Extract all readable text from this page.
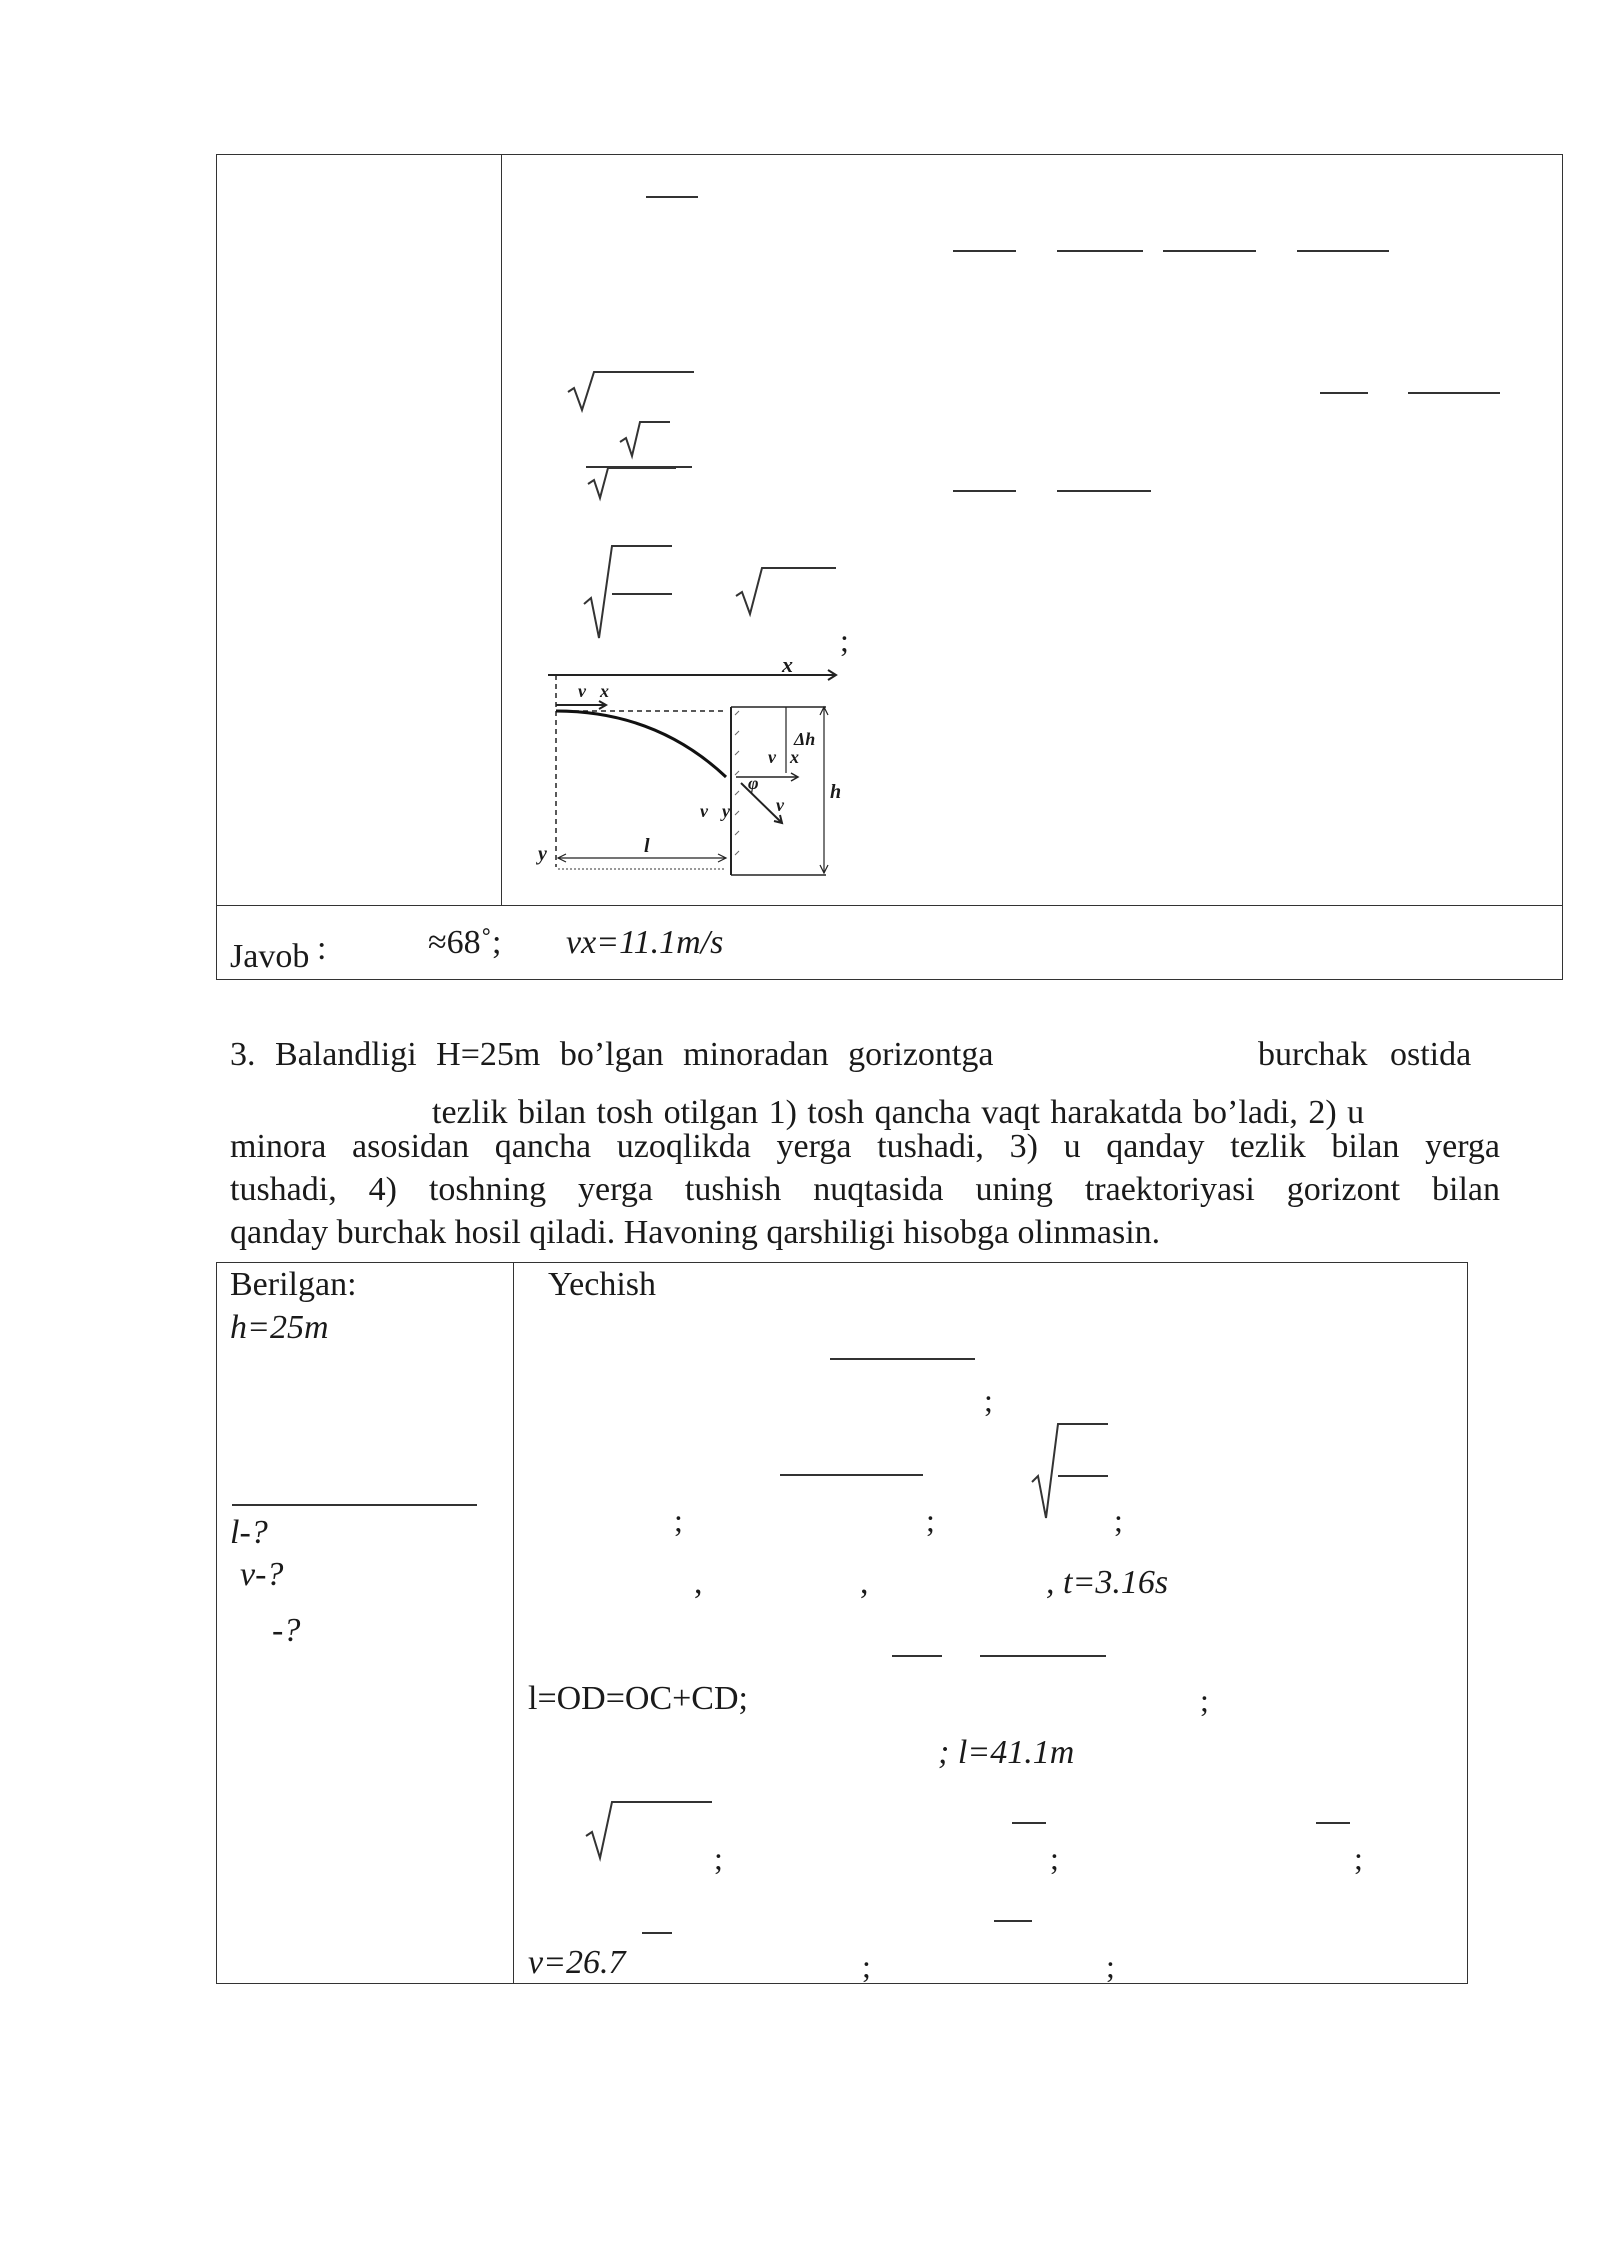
;
x
y
v⃗x
v⃗x
v⃗y	v⃗
φ
Δh
h
l
Javob :	≈68˚; vx=11.1m/s
3. Balandligi H=25m bo’lgan minoradan gorizontga	burchak ostida
tezlik bilan tosh otilgan 1) tosh qancha vaqt harakatda bo’ladi, 2) u
minora asosidan qancha uzoqlikda yerga tushadi, 3) u qanday tezlik bilan yerga
tushadi, 4) toshning yerga tushish nuqtasida uning traektoriyasi gorizont bilan
qanday burchak hosil qiladi. Havoning qarshiligi hisobga olinmasin.
Berilgan:
h=25m
l-?
v-?
-?
Yechish
;
;	;	;
,	,	, t=3.16s
l=OD=OC+CD;	;
; l=41.1m
;	;	;
v=26.7	;	;
